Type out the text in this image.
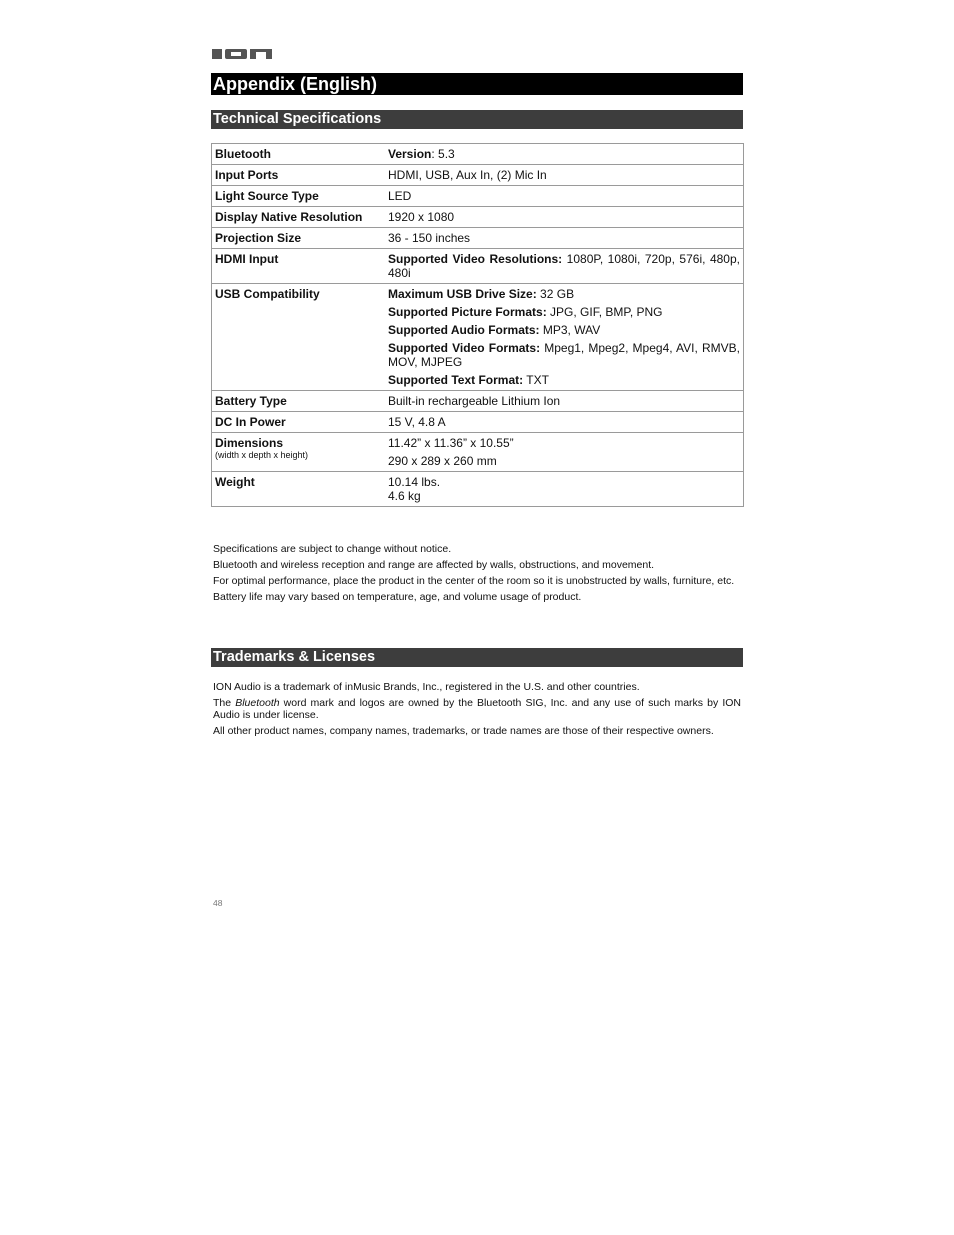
Appendix (English)
Technical Specifications
Bluetooth	Version: 5.3
Input Ports	HDMI, USB, Aux In, (2) Mic In
Light Source Type	LED
Display Native Resolution	1920 x 1080
Projection Size	36 - 150 inches
HDMI Input	Supported Video Resolutions: 1080P, 1080i, 720p, 576i, 480p, 480i
USB Compatibility	Maximum USB Drive Size: 32 GB
Supported Picture Formats: JPG, GIF, BMP, PNG
Supported Audio Formats: MP3, WAV
Supported Video Formats: Mpeg1, Mpeg2, Mpeg4, AVI, RMVB, MOV, MJPEG
Supported Text Format: TXT

Battery Type	Built-in rechargeable Lithium Ion
DC In Power	15 V, 4.8 A
Dimensions
(width x depth x height)	11.42” x 11.36” x 10.55”
290 x 289 x 260 mm

Weight	10.14 lbs.
4.6 kg

Specifications are subject to change without notice.

Bluetooth and wireless reception and range are affected by walls, obstructions, and movement.

For optimal performance, place the product in the center of the room so it is unobstructed by walls, furniture, etc.

Battery life may vary based on temperature, age, and volume usage of product.

Trademarks & Licenses

ION Audio is a trademark of inMusic Brands, Inc., registered in the U.S. and other countries.

The Bluetooth word mark and logos are owned by the Bluetooth SIG, Inc. and any use of such marks by ION Audio is under license.

All other product names, company names, trademarks, or trade names are those of their respective owners.

48
